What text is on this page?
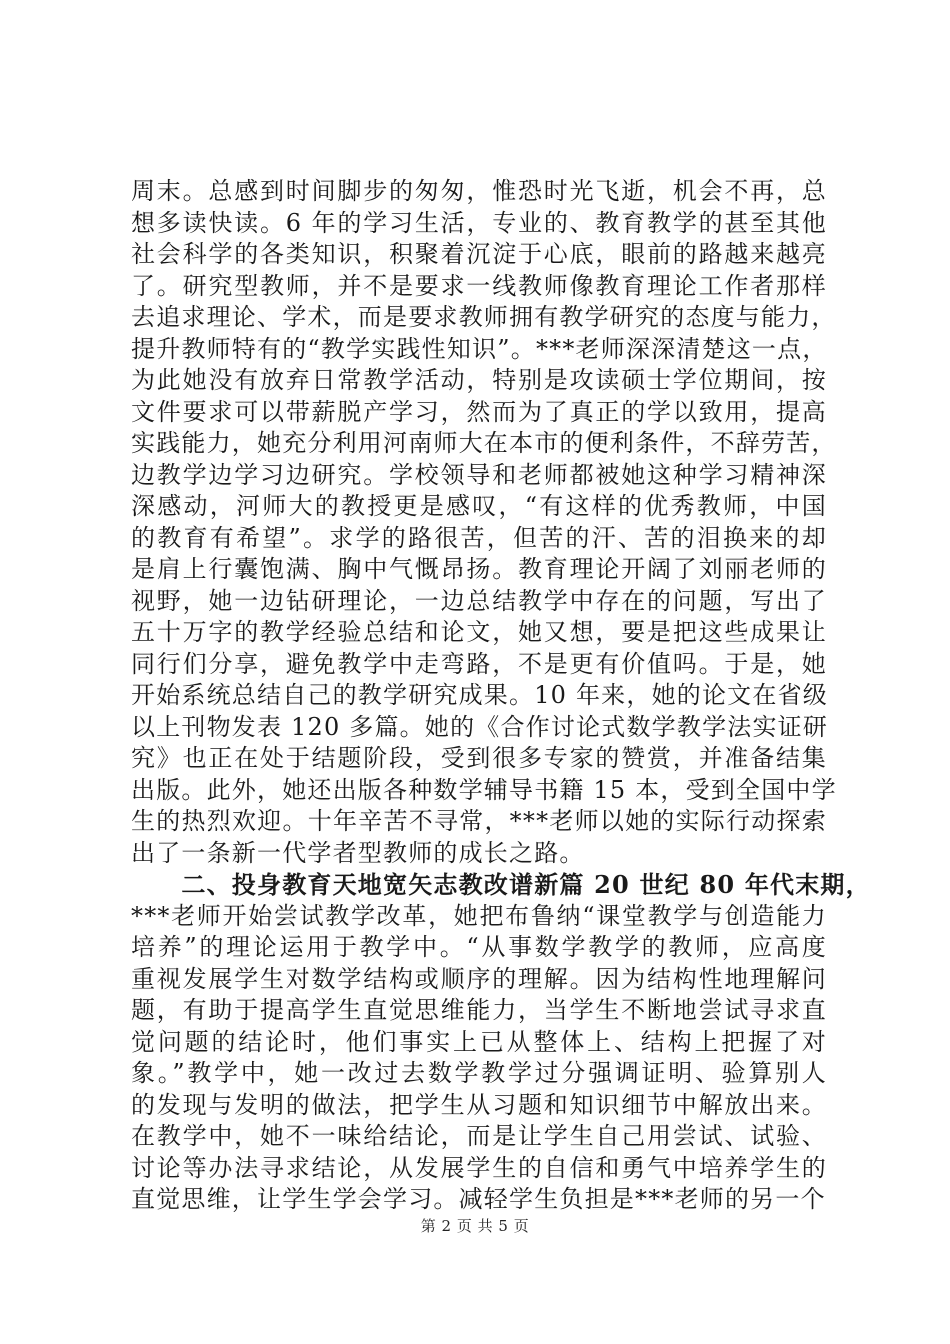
周末。总感到时间脚步的匆匆，惟恐时光飞逝，机会不再，总
想多读快读。6 年的学习生活，专业的、教育教学的甚至其他
社会科学的各类知识，积聚着沉淀于心底，眼前的路越来越亮
了。研究型教师，并不是要求一线教师像教育理论工作者那样
去追求理论、学术，而是要求教师拥有教学研究的态度与能力，
提升教师特有的“教学实践性知识”。***老师深深清楚这一点，
为此她没有放弃日常教学活动，特别是攻读硕士学位期间，按
文件要求可以带薪脱产学习，然而为了真正的学以致用，提高
实践能力，她充分利用河南师大在本市的便利条件，不辞劳苦，
边教学边学习边研究。学校领导和老师都被她这种学习精神深
深感动，河师大的教授更是感叹，“有这样的优秀教师，中国
的教育有希望”。求学的路很苦，但苦的汗、苦的泪换来的却
是肩上行囊饱满、胸中气慨昂扬。教育理论开阔了刘丽老师的
视野，她一边钻研理论，一边总结教学中存在的问题，写出了
五十万字的教学经验总结和论文，她又想，要是把这些成果让
同行们分享，避免教学中走弯路，不是更有价值吗。于是，她
开始系统总结自己的教学研究成果。10 年来，她的论文在省级
以上刊物发表 120 多篇。她的《合作讨论式数学教学法实证研
究》也正在处于结题阶段，受到很多专家的赞赏，并准备结集
出版。此外，她还出版各种数学辅导书籍 15 本，受到全国中学
生的热烈欢迎。十年辛苦不寻常，***老师以她的实际行动探索
出了一条新一代学者型教师的成长之路。
　　二、投身教育天地宽矢志教改谱新篇 20 世纪 80 年代末期，
***老师开始尝试教学改革，她把布鲁纳“课堂教学与创造能力
培养”的理论运用于教学中。“从事数学教学的教师，应高度
重视发展学生对数学结构或顺序的理解。因为结构性地理解问
题，有助于提高学生直觉思维能力，当学生不断地尝试寻求直
觉问题的结论时，他们事实上已从整体上、结构上把握了对
象。”教学中，她一改过去数学教学过分强调证明、验算别人
的发现与发明的做法，把学生从习题和知识细节中解放出来。
在教学中，她不一味给结论，而是让学生自己用尝试、试验、
讨论等办法寻求结论，从发展学生的自信和勇气中培养学生的
直觉思维，让学生学会学习。减轻学生负担是***老师的另一个
第 2 页 共 5 页
